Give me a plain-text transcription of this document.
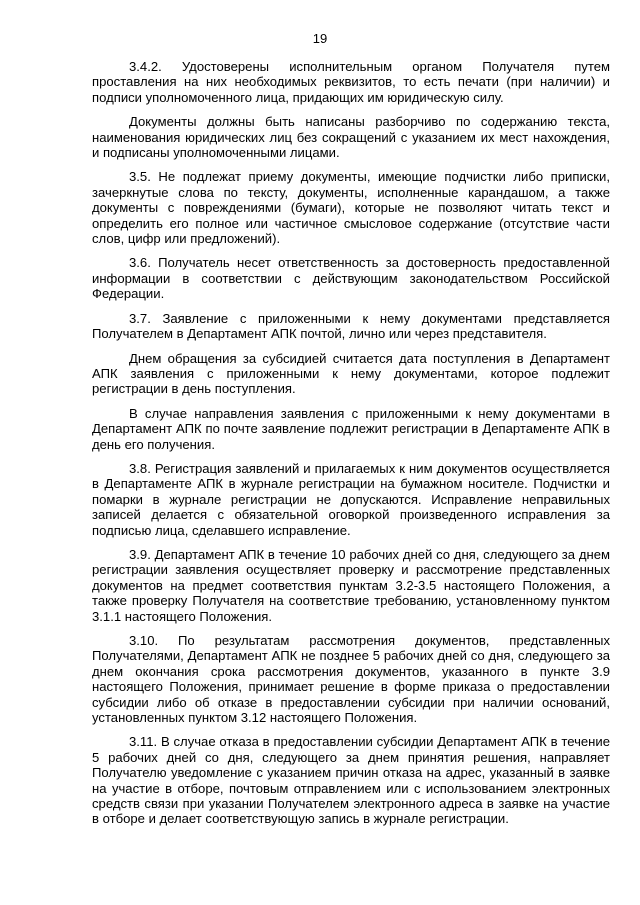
19

3.4.2. Удостоверены исполнительным органом Получателя путем проставления на них необходимых реквизитов, то есть печати (при наличии) и подписи уполномоченного лица, придающих им юридическую силу.

Документы должны быть написаны разборчиво по содержанию текста, наименования юридических лиц без сокращений с указанием их мест нахождения, и подписаны уполномоченными лицами.

3.5. Не подлежат приему документы, имеющие подчистки либо приписки, зачеркнутые слова по тексту, документы, исполненные карандашом, а также документы с повреждениями (бумаги), которые не позволяют читать текст и определить его полное или частичное смысловое содержание (отсутствие части слов, цифр или предложений).

3.6. Получатель несет ответственность за достоверность предоставленной информации в соответствии с действующим законодательством Российской Федерации.

3.7. Заявление с приложенными к нему документами представляется Получателем в Департамент АПК почтой, лично или через представителя.

Днем обращения за субсидией считается дата поступления в Департамент АПК заявления с приложенными к нему документами, которое подлежит регистрации в день поступления.

В случае направления заявления с приложенными к нему документами в Департамент АПК по почте заявление подлежит регистрации в Департаменте АПК в день его получения.

3.8. Регистрация заявлений и прилагаемых к ним документов осуществляется в Департаменте АПК в журнале регистрации на бумажном носителе. Подчистки и помарки в журнале регистрации не допускаются. Исправление неправильных записей делается с обязательной оговоркой произведенного исправления за подписью лица, сделавшего исправление.

3.9. Департамент АПК в течение 10 рабочих дней со дня, следующего за днем регистрации заявления осуществляет проверку и рассмотрение представленных документов на предмет соответствия пунктам 3.2-3.5 настоящего Положения, а также проверку Получателя на соответствие требованию, установленному пунктом 3.1.1 настоящего Положения.

3.10. По результатам рассмотрения документов, представленных Получателями, Департамент АПК не позднее 5 рабочих дней со дня, следующего за днем окончания срока рассмотрения документов, указанного в пункте 3.9 настоящего Положения, принимает решение в форме приказа о предоставлении субсидии либо об отказе в предоставлении субсидии при наличии оснований, установленных пунктом 3.12 настоящего Положения.

3.11. В случае отказа в предоставлении субсидии Департамент АПК в течение 5 рабочих дней со дня, следующего за днем принятия решения, направляет Получателю уведомление с указанием причин отказа на адрес, указанный в заявке на участие в отборе, почтовым отправлением или с использованием электронных средств связи при указании Получателем электронного адреса в заявке на участие в отборе и делает соответствующую запись в журнале регистрации.
